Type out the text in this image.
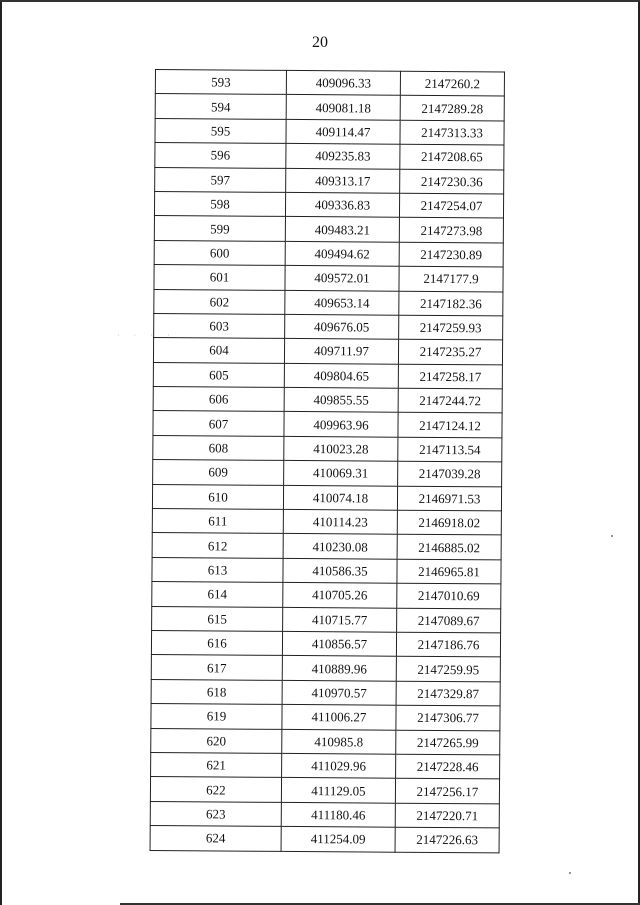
20
· · · ·
593	409096.33	2147260.2
594	409081.18	2147289.28
595	409114.47	2147313.33
596	409235.83	2147208.65
597	409313.17	2147230.36
598	409336.83	2147254.07
599	409483.21	2147273.98
600	409494.62	2147230.89
601	409572.01	2147177.9
602	409653.14	2147182.36
603	409676.05	2147259.93
604	409711.97	2147235.27
605	409804.65	2147258.17
606	409855.55	2147244.72
607	409963.96	2147124.12
608	410023.28	2147113.54
609	410069.31	2147039.28
610	410074.18	2146971.53
611	410114.23	2146918.02
612	410230.08	2146885.02
613	410586.35	2146965.81
614	410705.26	2147010.69
615	410715.77	2147089.67
616	410856.57	2147186.76
617	410889.96	2147259.95
618	410970.57	2147329.87
619	411006.27	2147306.77
620	410985.8	2147265.99
621	411029.96	2147228.46
622	411129.05	2147256.17
623	411180.46	2147220.71
624	411254.09	2147226.63
